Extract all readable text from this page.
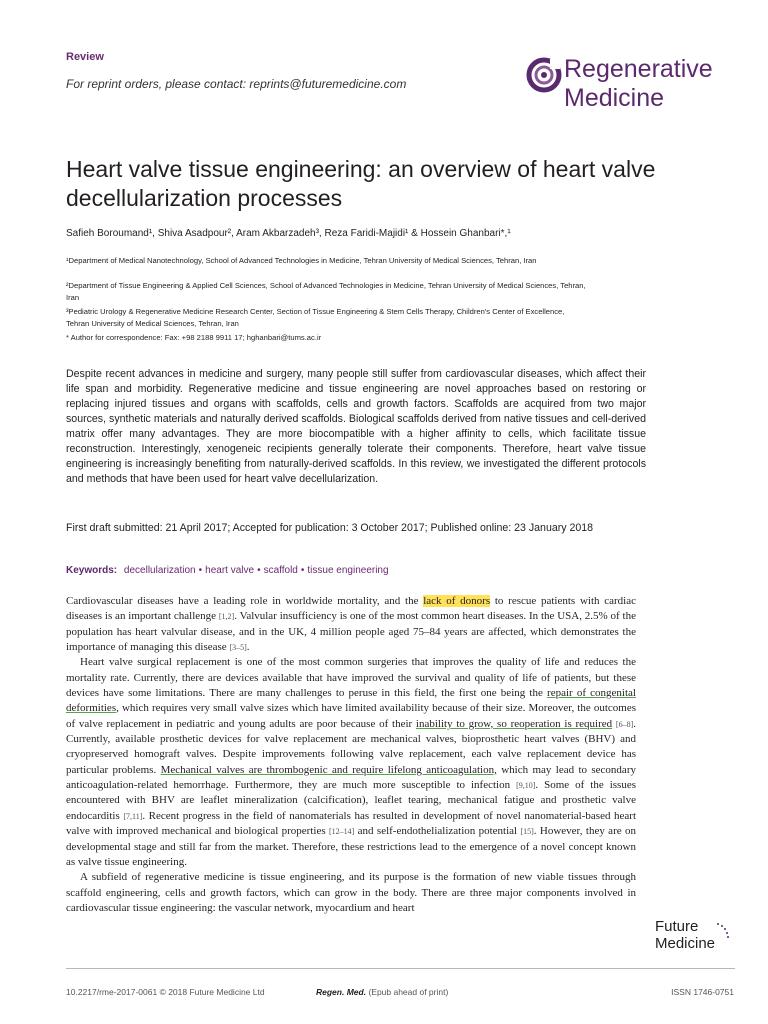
Review
For reprint orders, please contact: reprints@futuremedicine.com
Regenerative
Medicine
Heart valve tissue engineering: an overview of heart valve decellularization processes
Safieh Boroumand¹, Shiva Asadpour², Aram Akbarzadeh³, Reza Faridi-Majidi¹ & Hossein Ghanbari*,¹
¹Department of Medical Nanotechnology, School of Advanced Technologies in Medicine, Tehran University of Medical Sciences, Tehran, Iran
²Department of Tissue Engineering & Applied Cell Sciences, School of Advanced Technologies in Medicine, Tehran University of Medical Sciences, Tehran, Iran
³Pediatric Urology & Regenerative Medicine Research Center, Section of Tissue Engineering & Stem Cells Therapy, Children's Center of Excellence, Tehran University of Medical Sciences, Tehran, Iran
* Author for correspondence: Fax: +98 2188 9911 17; hghanbari@tums.ac.ir
Despite recent advances in medicine and surgery, many people still suffer from cardiovascular diseases, which affect their life span and morbidity. Regenerative medicine and tissue engineering are novel approaches based on restoring or replacing injured tissues and organs with scaffolds, cells and growth factors. Scaffolds are acquired from two major sources, synthetic materials and naturally derived scaffolds. Biological scaffolds derived from native tissues and cell-derived matrix offer many advantages. They are more biocompatible with a higher affinity to cells, which facilitate tissue reconstruction. Interestingly, xenogeneic recipients generally tolerate their components. Therefore, heart valve tissue engineering is increasingly benefiting from naturally-derived scaffolds. In this review, we investigated the different protocols and methods that have been used for heart valve decellularization.
First draft submitted: 21 April 2017; Accepted for publication: 3 October 2017; Published online: 23 January 2018
Keywords: decellularization • heart valve • scaffold • tissue engineering

Cardiovascular diseases have a leading role in worldwide mortality, and the lack of donors to rescue patients with cardiac diseases is an important challenge [1,2]. Valvular insufficiency is one of the most common heart diseases. In the USA, 2.5% of the population has heart valvular disease, and in the UK, 4 million people aged 75–84 years are affected, which demonstrates the importance of managing this disease [3–5].

Heart valve surgical replacement is one of the most common surgeries that improves the quality of life and reduces the mortality rate. Currently, there are devices available that have improved the survival and quality of life of patients, but these devices have some limitations. There are many challenges to peruse in this field, the first one being the repair of congenital deformities, which requires very small valve sizes which have limited availability because of their size. Moreover, the outcomes of valve replacement in pediatric and young adults are poor because of their inability to grow, so reoperation is required [6–8]. Currently, available prosthetic devices for valve replacement are mechanical valves, bioprosthetic heart valves (BHV) and cryopreserved homograft valves. Despite improvements following valve replacement, each valve replacement device has particular problems. Mechanical valves are thrombogenic and require lifelong anticoagulation, which may lead to secondary anticoagulation-related hemorrhage. Furthermore, they are much more susceptible to infection [9,10]. Some of the issues encountered with BHV are leaflet mineralization (calcification), leaflet tearing, mechanical fatigue and prosthetic valve endocarditis [7,11]. Recent progress in the field of nanomaterials has resulted in development of novel nanomaterial-based heart valve with improved mechanical and biological properties [12–14] and self-endothelialization potential [15]. However, they are on developmental stage and still far from the market. Therefore, these restrictions lead to the emergence of a novel concept known as valve tissue engineering.

A subfield of regenerative medicine is tissue engineering, and its purpose is the formation of new viable tissues through scaffold engineering, cells and growth factors, which can grow in the body. There are three major components involved in cardiovascular tissue engineering: the vascular network, myocardium and heart

Future
Medicine
10.2217/rme-2017-0061 © 2018 Future Medicine Ltd	Regen. Med. (Epub ahead of print)	ISSN 1746-0751
